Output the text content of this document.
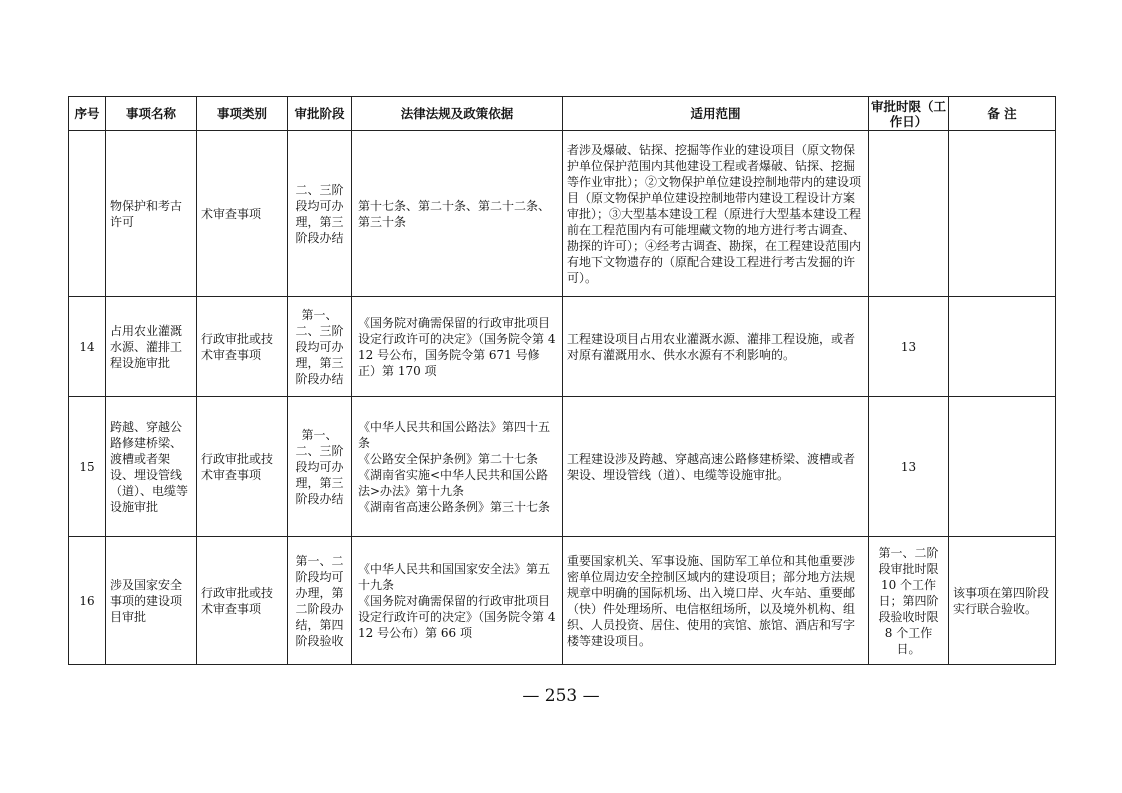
序号	事项名称	事项类别	审批阶段	法律法规及政策依据	适用范围	审批时限（工作日）	备 注
	物保护和考古许可	术审查事项	二、三阶段均可办理，第三阶段办结	第十七条、第二十条、第二十二条、第三十条	者涉及爆破、钻探、挖掘等作业的建设项目（原文物保护单位保护范围内其他建设工程或者爆破、钻探、挖掘等作业审批）；②文物保护单位建设控制地带内的建设项目（原文物保护单位建设控制地带内建设工程设计方案审批）；③大型基本建设工程（原进行大型基本建设工程前在工程范围内有可能埋藏文物的地方进行考古调查、勘探的许可）；④经考古调查、勘探，在工程建设范围内有地下文物遗存的（原配合建设工程进行考古发掘的许可）。		
14	占用农业灌溉水源、灌排工程设施审批	行政审批或技术审查事项	第一、二、三阶段均可办理，第三阶段办结	《国务院对确需保留的行政审批项目设定行政许可的决定》（国务院令第 412 号公布，国务院令第 671 号修正）第 170 项	工程建设项目占用农业灌溉水源、灌排工程设施，或者对原有灌溉用水、供水水源有不利影响的。	13	
15	跨越、穿越公路修建桥梁、渡槽或者架设、埋设管线（道）、电缆等设施审批	行政审批或技术审查事项	第一、二、三阶段均可办理，第三阶段办结	《中华人民共和国公路法》第四十五条
《公路安全保护条例》第二十七条
《湖南省实施<中华人民共和国公路法>办法》第十九条
《湖南省高速公路条例》第三十七条	工程建设涉及跨越、穿越高速公路修建桥梁、渡槽或者架设、埋设管线（道）、电缆等设施审批。	13	
16	涉及国家安全事项的建设项目审批	行政审批或技术审查事项	第一、二阶段均可办理，第二阶段办结，第四阶段验收	《中华人民共和国国家安全法》第五十九条
《国务院对确需保留的行政审批项目设定行政许可的决定》（国务院令第 412 号公布）第 66 项	重要国家机关、军事设施、国防军工单位和其他重要涉密单位周边安全控制区域内的建设项目；部分地方法规规章中明确的国际机场、出入境口岸、火车站、重要邮（快）件处理场所、电信枢纽场所，以及境外机构、组织、人员投资、居住、使用的宾馆、旅馆、酒店和写字楼等建设项目。	第一、二阶段审批时限 10 个工作日；第四阶段验收时限 8 个工作日。	该事项在第四阶段实行联合验收。
— 253 —
